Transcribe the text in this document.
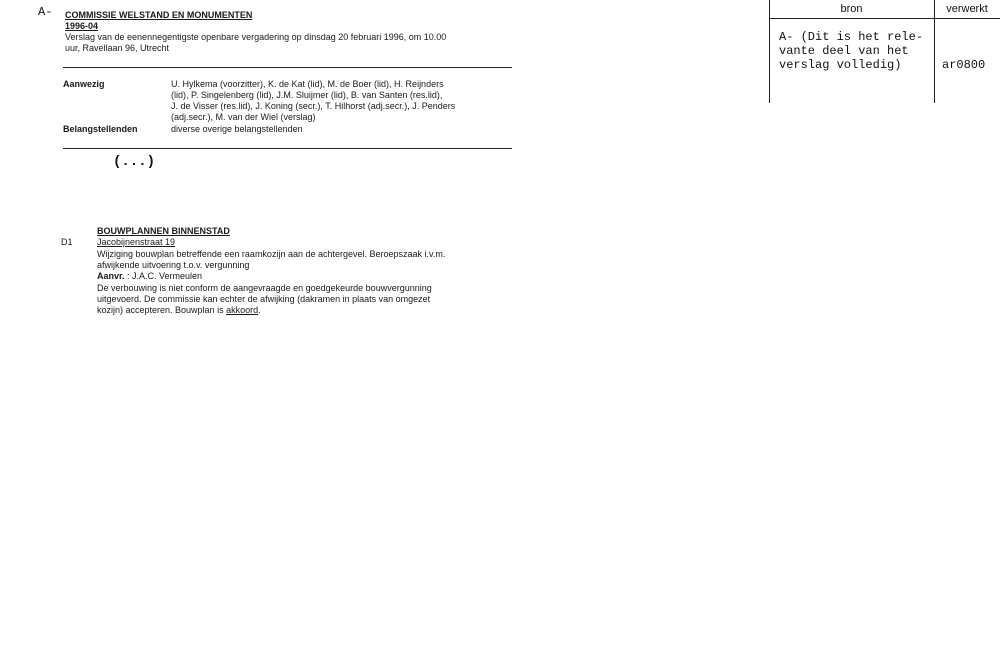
A- COMMISSIE WELSTAND EN MONUMENTEN
1996-04
Verslag van de eenennegentigste openbare vergadering op dinsdag 20 februari 1996, om 10.00
uur, Ravellaan 96, Utrecht
Aanwezig	U. Hylkema (voorzitter), K. de Kat (lid), M. de Boer (lid), H. Reijnders
(lid), P. Singelenberg (lid), J.M. Sluijmer (lid), B. van Santen (res.lid),
J. de Visser (res.lid), J. Koning (secr.), T. Hilhorst (adj.secr.), J. Penders
(adj.secr.), M. van der Wiel (verslag)
Belangstellenden	diverse overige belangstellenden
(...)
BOUWPLANNEN BINNENSTAD
D1	Jacobijnenstraat 19
Wijziging bouwplan betreffende een raamkozijn aan de achtergevel. Beroepszaak i.v.m.
afwijkende uitvoering t.o.v. vergunning
Aanvr. : J.A.C. Vermeulen
De verbouwing is niet conform de aangevraagde en goedgekeurde bouwvergunning
uitgevoerd. De commissie kan echter de afwijking (dakramen in plaats van omgezet
kozijn) accepteren. Bouwplan is akkoord.
bron	verwerkt
A- (Dit is het rele-
vante deel van het
verslag volledig)	ar0800
